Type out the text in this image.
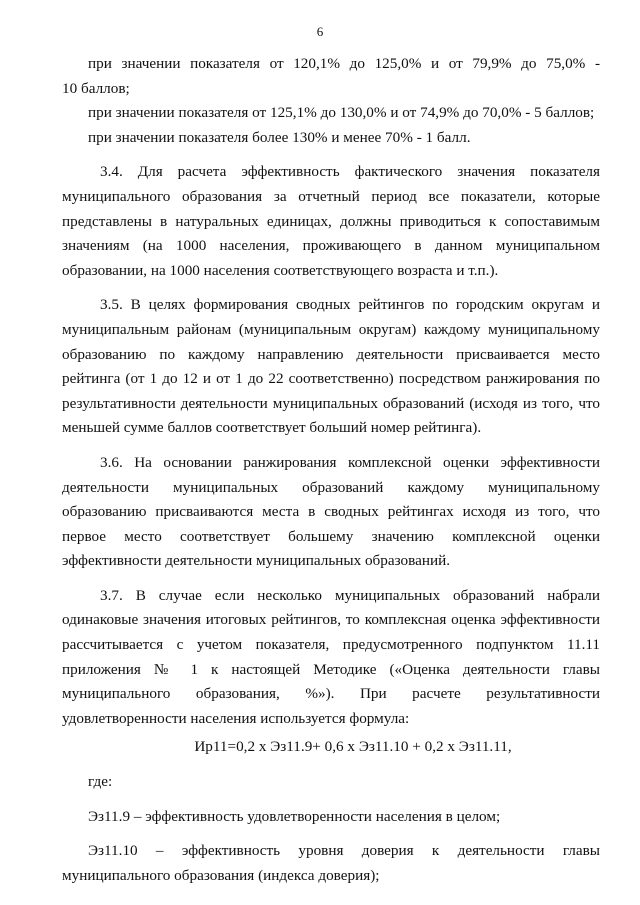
6

при значении показателя от 120,1% до 125,0% и от 79,9% до 75,0% -

10 баллов;

при значении показателя от 125,1% до 130,0% и от 74,9% до 70,0% - 5 баллов;

при значении показателя более 130% и менее 70% - 1 балл.

3.4. Для расчета эффективность фактического значения показателя муниципального образования за отчетный период все показатели, которые представлены в натуральных единицах, должны приводиться к сопоставимым значениям (на 1000 населения, проживающего в данном муниципальном образовании, на 1000 населения соответствующего возраста и т.п.).

3.5. В целях формирования сводных рейтингов по городским округам и муниципальным районам (муниципальным округам) каждому муниципальному образованию по каждому направлению деятельности присваивается место рейтинга (от 1 до 12 и от 1 до 22 соответственно) посредством ранжирования по результативности деятельности муниципальных образований (исходя из того, что меньшей сумме баллов соответствует больший номер рейтинга).

3.6. На основании ранжирования комплексной оценки эффективности деятельности муниципальных образований каждому муниципальному образованию присваиваются места в сводных рейтингах исходя из того, что первое место соответствует большему значению комплексной оценки эффективности деятельности муниципальных образований.

3.7. В случае если несколько муниципальных образований набрали одинаковые значения итоговых рейтингов, то комплексная оценка эффективности рассчитывается с учетом показателя, предусмотренного подпунктом 11.11 приложения № 1 к настоящей Методике («Оценка деятельности главы муниципального образования, %»). При расчете результативности удовлетворенности населения используется формула:

Ир11=0,2 х Эз11.9+ 0,6 х Эз11.10 + 0,2 х Эз11.11,

где:

Эз11.9 – эффективность удовлетворенности населения в целом;

Эз11.10 – эффективность уровня доверия к деятельности главы муниципального образования (индекса доверия);
